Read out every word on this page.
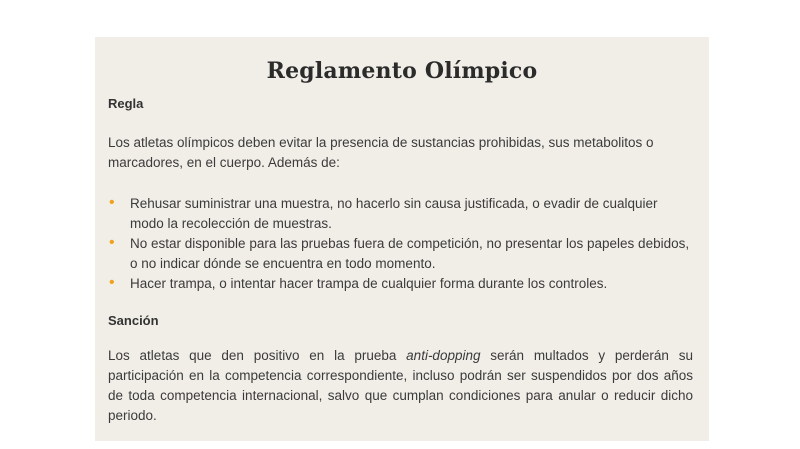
Reglamento Olímpico
Regla

Los atletas olímpicos deben evitar la presencia de sustancias prohibidas, sus metabolitos o marcadores, en el cuerpo. Además de:

• Rehusar suministrar una muestra, no hacerlo sin causa justificada, o evadir de cualquier modo la recolección de muestras.
• No estar disponible para las pruebas fuera de competición, no presentar los papeles debidos, o no indicar dónde se encuentra en todo momento.
• Hacer trampa, o intentar hacer trampa de cualquier forma durante los controles.
Sanción

Los atletas que den positivo en la prueba anti-dopping serán multados y perderán su participación en la competencia correspondiente, incluso podrán ser suspendidos por dos años de toda competencia internacional, salvo que cumplan condiciones para anular o reducir dicho periodo.
